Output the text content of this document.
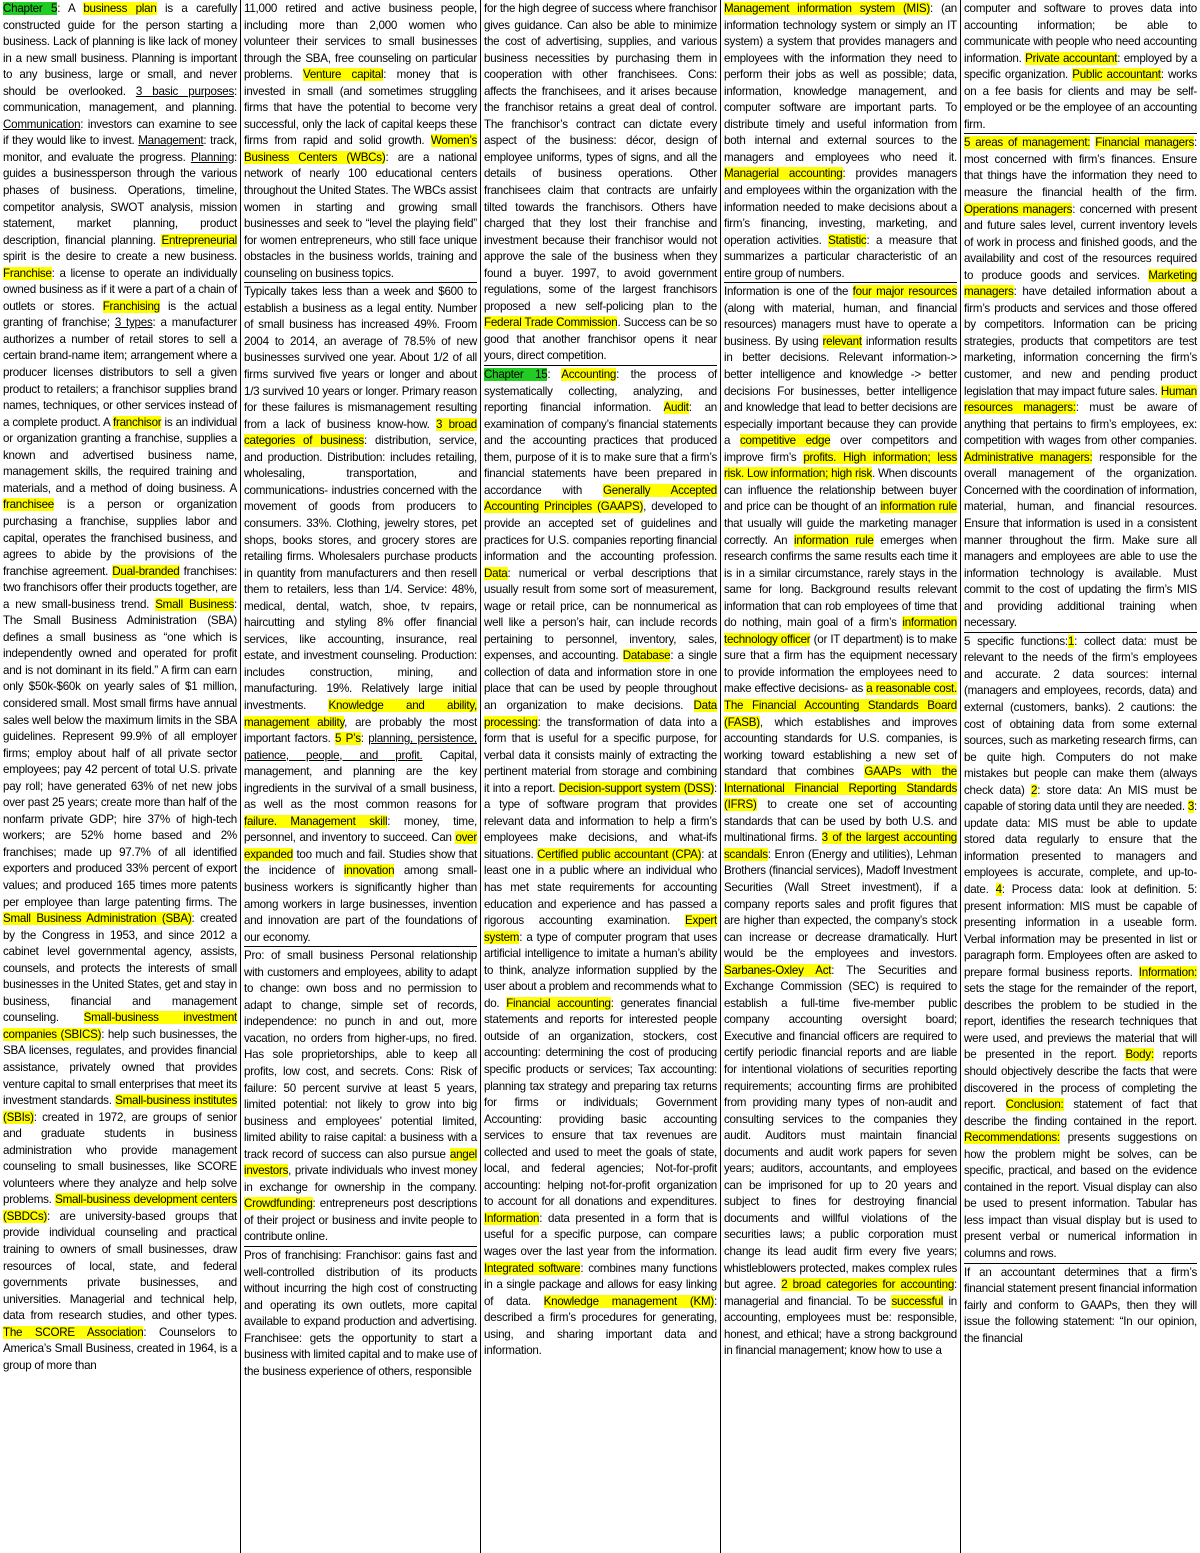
Chapter 5: A business plan is a carefully constructed guide for the person starting a business. Lack of planning is like lack of money in a new small business. Planning is important to any business, large or small, and never should be overlooked. 3 basic purposes: communication, management, and planning. Communication: investors can examine to see if they would like to invest. Management: track, monitor, and evaluate the progress. Planning: guides a businessperson through the various phases of business. Operations, timeline, competitor analysis, SWOT analysis, mission statement, market planning, product description, financial planning. Entrepreneurial spirit is the desire to create a new business. Franchise: a license to operate an individually owned business as if it were a part of a chain of outlets or stores. Franchising is the actual granting of franchise; 3 types: a manufacturer authorizes a number of retail stores to sell a certain brand-name item; arrangement where a producer licenses distributors to sell a given product to retailers; a franchisor supplies brand names, techniques, or other services instead of a complete product. A franchisor is an individual or organization granting a franchise, supplies a known and advertised business name, management skills, the required training and materials, and a method of doing business. A franchisee is a person or organization purchasing a franchise, supplies labor and capital, operates the franchised business, and agrees to abide by the provisions of the franchise agreement. Dual-branded franchises: two franchisors offer their products together, are a new small-business trend. Small Business: The Small Business Administration (SBA) defines a small business as “one which is independently owned and operated for profit and is not dominant in its field.” A firm can earn only $50k-$60k on yearly sales of $1 million, considered small. Most small firms have annual sales well below the maximum limits in the SBA guidelines. Represent 99.9% of all employer firms; employ about half of all private sector employees; pay 42 percent of total U.S. private pay roll; have generated 63% of net new jobs over past 25 years; create more than half of the nonfarm private GDP; hire 37% of high-tech workers; are 52% home based and 2% franchises; made up 97.7% of all identified exporters and produced 33% percent of export values; and produced 165 times more patents per employee than large patenting firms. The Small Business Administration (SBA): created by the Congress in 1953, and since 2012 a cabinet level governmental agency, assists, counsels, and protects the interests of small businesses in the United States, get and stay in business, financial and management counseling. Small-business investment companies (SBICS): help such businesses, the SBA licenses, regulates, and provides financial assistance, privately owned that provides venture capital to small enterprises that meet its investment standards. Small-business institutes (SBIs): created in 1972, are groups of senior and graduate students in business administration who provide management counseling to small businesses, like SCORE volunteers where they analyze and help solve problems. Small-business development centers (SBDCs): are university-based groups that provide individual counseling and practical training to owners of small businesses, draw resources of local, state, and federal governments private businesses, and universities. Managerial and technical help, data from research studies, and other types. The SCORE Association: Counselors to America’s Small Business, created in 1964, is a group of more than
11,000 retired and active business people, including more than 2,000 women who volunteer their services to small businesses through the SBA, free counseling on particular problems. Venture capital: money that is invested in small (and sometimes struggling firms that have the potential to become very successful, only the lack of capital keeps these firms from rapid and solid growth. Women’s Business Centers (WBCs): are a national network of nearly 100 educational centers throughout the United States. The WBCs assist women in starting and growing small businesses and seek to “level the playing field” for women entrepreneurs, who still face unique obstacles in the business worlds, training and counseling on business topics.
Typically takes less than a week and $600 to establish a business as a legal entity. Number of small business has increased 49%. Froom 2004 to 2014, an average of 78.5% of new businesses survived one year. About 1/2 of all firms survived five years or longer and about 1/3 survived 10 years or longer. Primary reason for these failures is mismanagement resulting from a lack of business know-how. 3 broad categories of business: distribution, service, and production. Distribution: includes retailing, wholesaling, transportation, and communications- industries concerned with the movement of goods from producers to consumers. 33%. Clothing, jewelry stores, pet shops, books stores, and grocery stores are retailing firms. Wholesalers purchase products in quantity from manufacturers and then resell them to retailers, less than 1/4. Service: 48%, medical, dental, watch, shoe, tv repairs, haircutting and styling 8% offer financial services, like accounting, insurance, real estate, and investment counseling. Production: includes construction, mining, and manufacturing. 19%. Relatively large initial investments. Knowledge and ability, management ability, are probably the most important factors. 5 P’s: planning, persistence, patience, people, and profit. Capital, management, and planning are the key ingredients in the survival of a small business, as well as the most common reasons for failure. Management skill: money, time, personnel, and inventory to succeed. Can over expanded too much and fail. Studies show that the incidence of innovation among small-business workers is significantly higher than among workers in large businesses, invention and innovation are part of the foundations of our economy.
Pro: of small business Personal relationship with customers and employees, ability to adapt to change: own boss and no permission to adapt to change, simple set of records, independence: no punch in and out, more vacation, no orders from higher-ups, no fired. Has sole proprietorships, able to keep all profits, low cost, and secrets. Cons: Risk of failure: 50 percent survive at least 5 years, limited potential: not likely to grow into big business and employees’ potential limited, limited ability to raise capital: a business with a track record of success can also pursue angel investors, private individuals who invest money in exchange for ownership in the company. Crowdfunding: entrepreneurs post descriptions of their project or business and invite people to contribute online.
Pros of franchising: Franchisor: gains fast and well-controlled distribution of its products without incurring the high cost of constructing and operating its own outlets, more capital available to expand production and advertising. Franchisee: gets the opportunity to start a business with limited capital and to make use of the business experience of others, responsible
for the high degree of success where franchisor gives guidance. Can also be able to minimize the cost of advertising, supplies, and various business necessities by purchasing them in cooperation with other franchisees. Cons: affects the franchisees, and it arises because the franchisor retains a great deal of control. The franchisor’s contract can dictate every aspect of the business: décor, design of employee uniforms, types of signs, and all the details of business operations. Other franchisees claim that contracts are unfairly tilted towards the franchisors. Others have charged that they lost their franchise and investment because their franchisor would not approve the sale of the business when they found a buyer. 1997, to avoid government regulations, some of the largest franchisors proposed a new self-policing plan to the Federal Trade Commission. Success can be so good that another franchisor opens it near yours, direct competition.
Chapter 15: Accounting: the process of systematically collecting, analyzing, and reporting financial information. Audit: an examination of company’s financial statements and the accounting practices that produced them, purpose of it is to make sure that a firm’s financial statements have been prepared in accordance with Generally Accepted Accounting Principles (GAAPS), developed to provide an accepted set of guidelines and practices for U.S. companies reporting financial information and the accounting profession. Data: numerical or verbal descriptions that usually result from some sort of measurement, wage or retail price, can be nonnumerical as well like a person’s hair, can include records pertaining to personnel, inventory, sales, expenses, and accounting. Database: a single collection of data and information store in one place that can be used by people throughout an organization to make decisions. Data processing: the transformation of data into a form that is useful for a specific purpose, for verbal data it consists mainly of extracting the pertinent material from storage and combining it into a report. Decision-support system (DSS): a type of software program that provides relevant data and information to help a firm’s employees make decisions, and what-ifs situations. Certified public accountant (CPA): at least one in a public where an individual who has met state requirements for accounting education and experience and has passed a rigorous accounting examination. Expert system: a type of computer program that uses artificial intelligence to imitate a human’s ability to think, analyze information supplied by the user about a problem and recommends what to do. Financial accounting: generates financial statements and reports for interested people outside of an organization, stockers, cost accounting: determining the cost of producing specific products or services; Tax accounting: planning tax strategy and preparing tax returns for firms or individuals; Government Accounting: providing basic accounting services to ensure that tax revenues are collected and used to meet the goals of state, local, and federal agencies; Not-for-profit accounting: helping not-for-profit organization to account for all donations and expenditures. Information: data presented in a form that is useful for a specific purpose, can compare wages over the last year from the information. Integrated software: combines many functions in a single package and allows for easy linking of data. Knowledge management (KM): described a firm’s procedures for generating, using, and sharing important data and information.
Management information system (MIS): (an information technology system or simply an IT system) a system that provides managers and employees with the information they need to perform their jobs as well as possible; data, information, knowledge management, and computer software are important parts. To distribute timely and useful information from both internal and external sources to the managers and employees who need it. Managerial accounting: provides managers and employees within the organization with the information needed to make decisions about a firm’s financing, investing, marketing, and operation activities. Statistic: a measure that summarizes a particular characteristic of an entire group of numbers.
Information is one of the four major resources (along with material, human, and financial resources) managers must have to operate a business. By using relevant information results in better decisions. Relevant information-> better intelligence and knowledge -> better decisions For businesses, better intelligence and knowledge that lead to better decisions are especially important because they can provide a competitive edge over competitors and improve firm’s profits. High information; less risk. Low information; high risk. When discounts can influence the relationship between buyer and price can be thought of an information rule that usually will guide the marketing manager correctly. An information rule emerges when research confirms the same results each time it is in a similar circumstance, rarely stays in the same for long. Background results relevant information that can rob employees of time that do nothing, main goal of a firm’s information technology officer (or IT department) is to make sure that a firm has the equipment necessary to provide information the employees need to make effective decisions- as a reasonable cost. The Financial Accounting Standards Board (FASB), which establishes and improves accounting standards for U.S. companies, is working toward establishing a new set of standard that combines GAAPs with the International Financial Reporting Standards (IFRS) to create one set of accounting standards that can be used by both U.S. and multinational firms. 3 of the largest accounting scandals: Enron (Energy and utilities), Lehman Brothers (financial services), Madoff Investment Securities (Wall Street investment), if a company reports sales and profit figures that are higher than expected, the company’s stock can increase or decrease dramatically. Hurt would be the employees and investors. Sarbanes-Oxley Act: The Securities and Exchange Commission (SEC) is required to establish a full-time five-member public company accounting oversight board; Executive and financial officers are required to certify periodic financial reports and are liable for intentional violations of securities reporting requirements; accounting firms are prohibited from providing many types of non-audit and consulting services to the companies they audit. Auditors must maintain financial documents and audit work papers for seven years; auditors, accountants, and employees can be imprisoned for up to 20 years and subject to fines for destroying financial documents and willful violations of the securities laws; a public corporation must change its lead audit firm every five years; whistleblowers protected, makes complex rules but agree. 2 broad categories for accounting: managerial and financial. To be successful in accounting, employees must be: responsible, honest, and ethical; have a strong background in financial management; know how to use a
computer and software to proves data into accounting information; be able to communicate with people who need accounting information. Private accountant: employed by a specific organization. Public accountant: works on a fee basis for clients and may be self-employed or be the employee of an accounting firm.
5 areas of management: Financial managers: most concerned with firm’s finances. Ensure that things have the information they need to measure the financial health of the firm. Operations managers: concerned with present and future sales level, current inventory levels of work in process and finished goods, and the availability and cost of the resources required to produce goods and services. Marketing managers: have detailed information about a firm’s products and services and those offered by competitors. Information can be pricing strategies, products that competitors are test marketing, information concerning the firm’s customer, and new and pending product legislation that may impact future sales. Human resources managers:: must be aware of anything that pertains to firm’s employees, ex: competition with wages from other companies. Administrative managers: responsible for the overall management of the organization. Concerned with the coordination of information, material, human, and financial resources. Ensure that information is used in a consistent manner throughout the firm. Make sure all managers and employees are able to use the information technology is available. Must commit to the cost of updating the firm’s MIS and providing additional training when necessary.
5 specific functions:1: collect data: must be relevant to the needs of the firm’s employees and accurate. 2 data sources: internal (managers and employees, records, data) and external (customers, banks). 2 cautions: the cost of obtaining data from some external sources, such as marketing research firms, can be quite high. Computers do not make mistakes but people can make them (always check data) 2: store data: An MIS must be capable of storing data until they are needed. 3: update data: MIS must be able to update stored data regularly to ensure that the information presented to managers and employees is accurate, complete, and up-to-date. 4: Process data: look at definition. 5: present information: MIS must be capable of presenting information in a useable form. Verbal information may be presented in list or paragraph form. Employees often are asked to prepare formal business reports. Information: sets the stage for the remainder of the report, describes the problem to be studied in the report, identifies the research techniques that were used, and previews the material that will be presented in the report. Body: reports should objectively describe the facts that were discovered in the process of completing the report. Conclusion: statement of fact that describe the finding contained in the report. Recommendations: presents suggestions on how the problem might be solves, can be specific, practical, and based on the evidence contained in the report. Visual display can also be used to present information. Tabular has less impact than visual display but is used to present verbal or numerical information in columns and rows.
If an accountant determines that a firm’s financial statement present financial information fairly and conform to GAAPs, then they will issue the following statement: “In our opinion, the financial
